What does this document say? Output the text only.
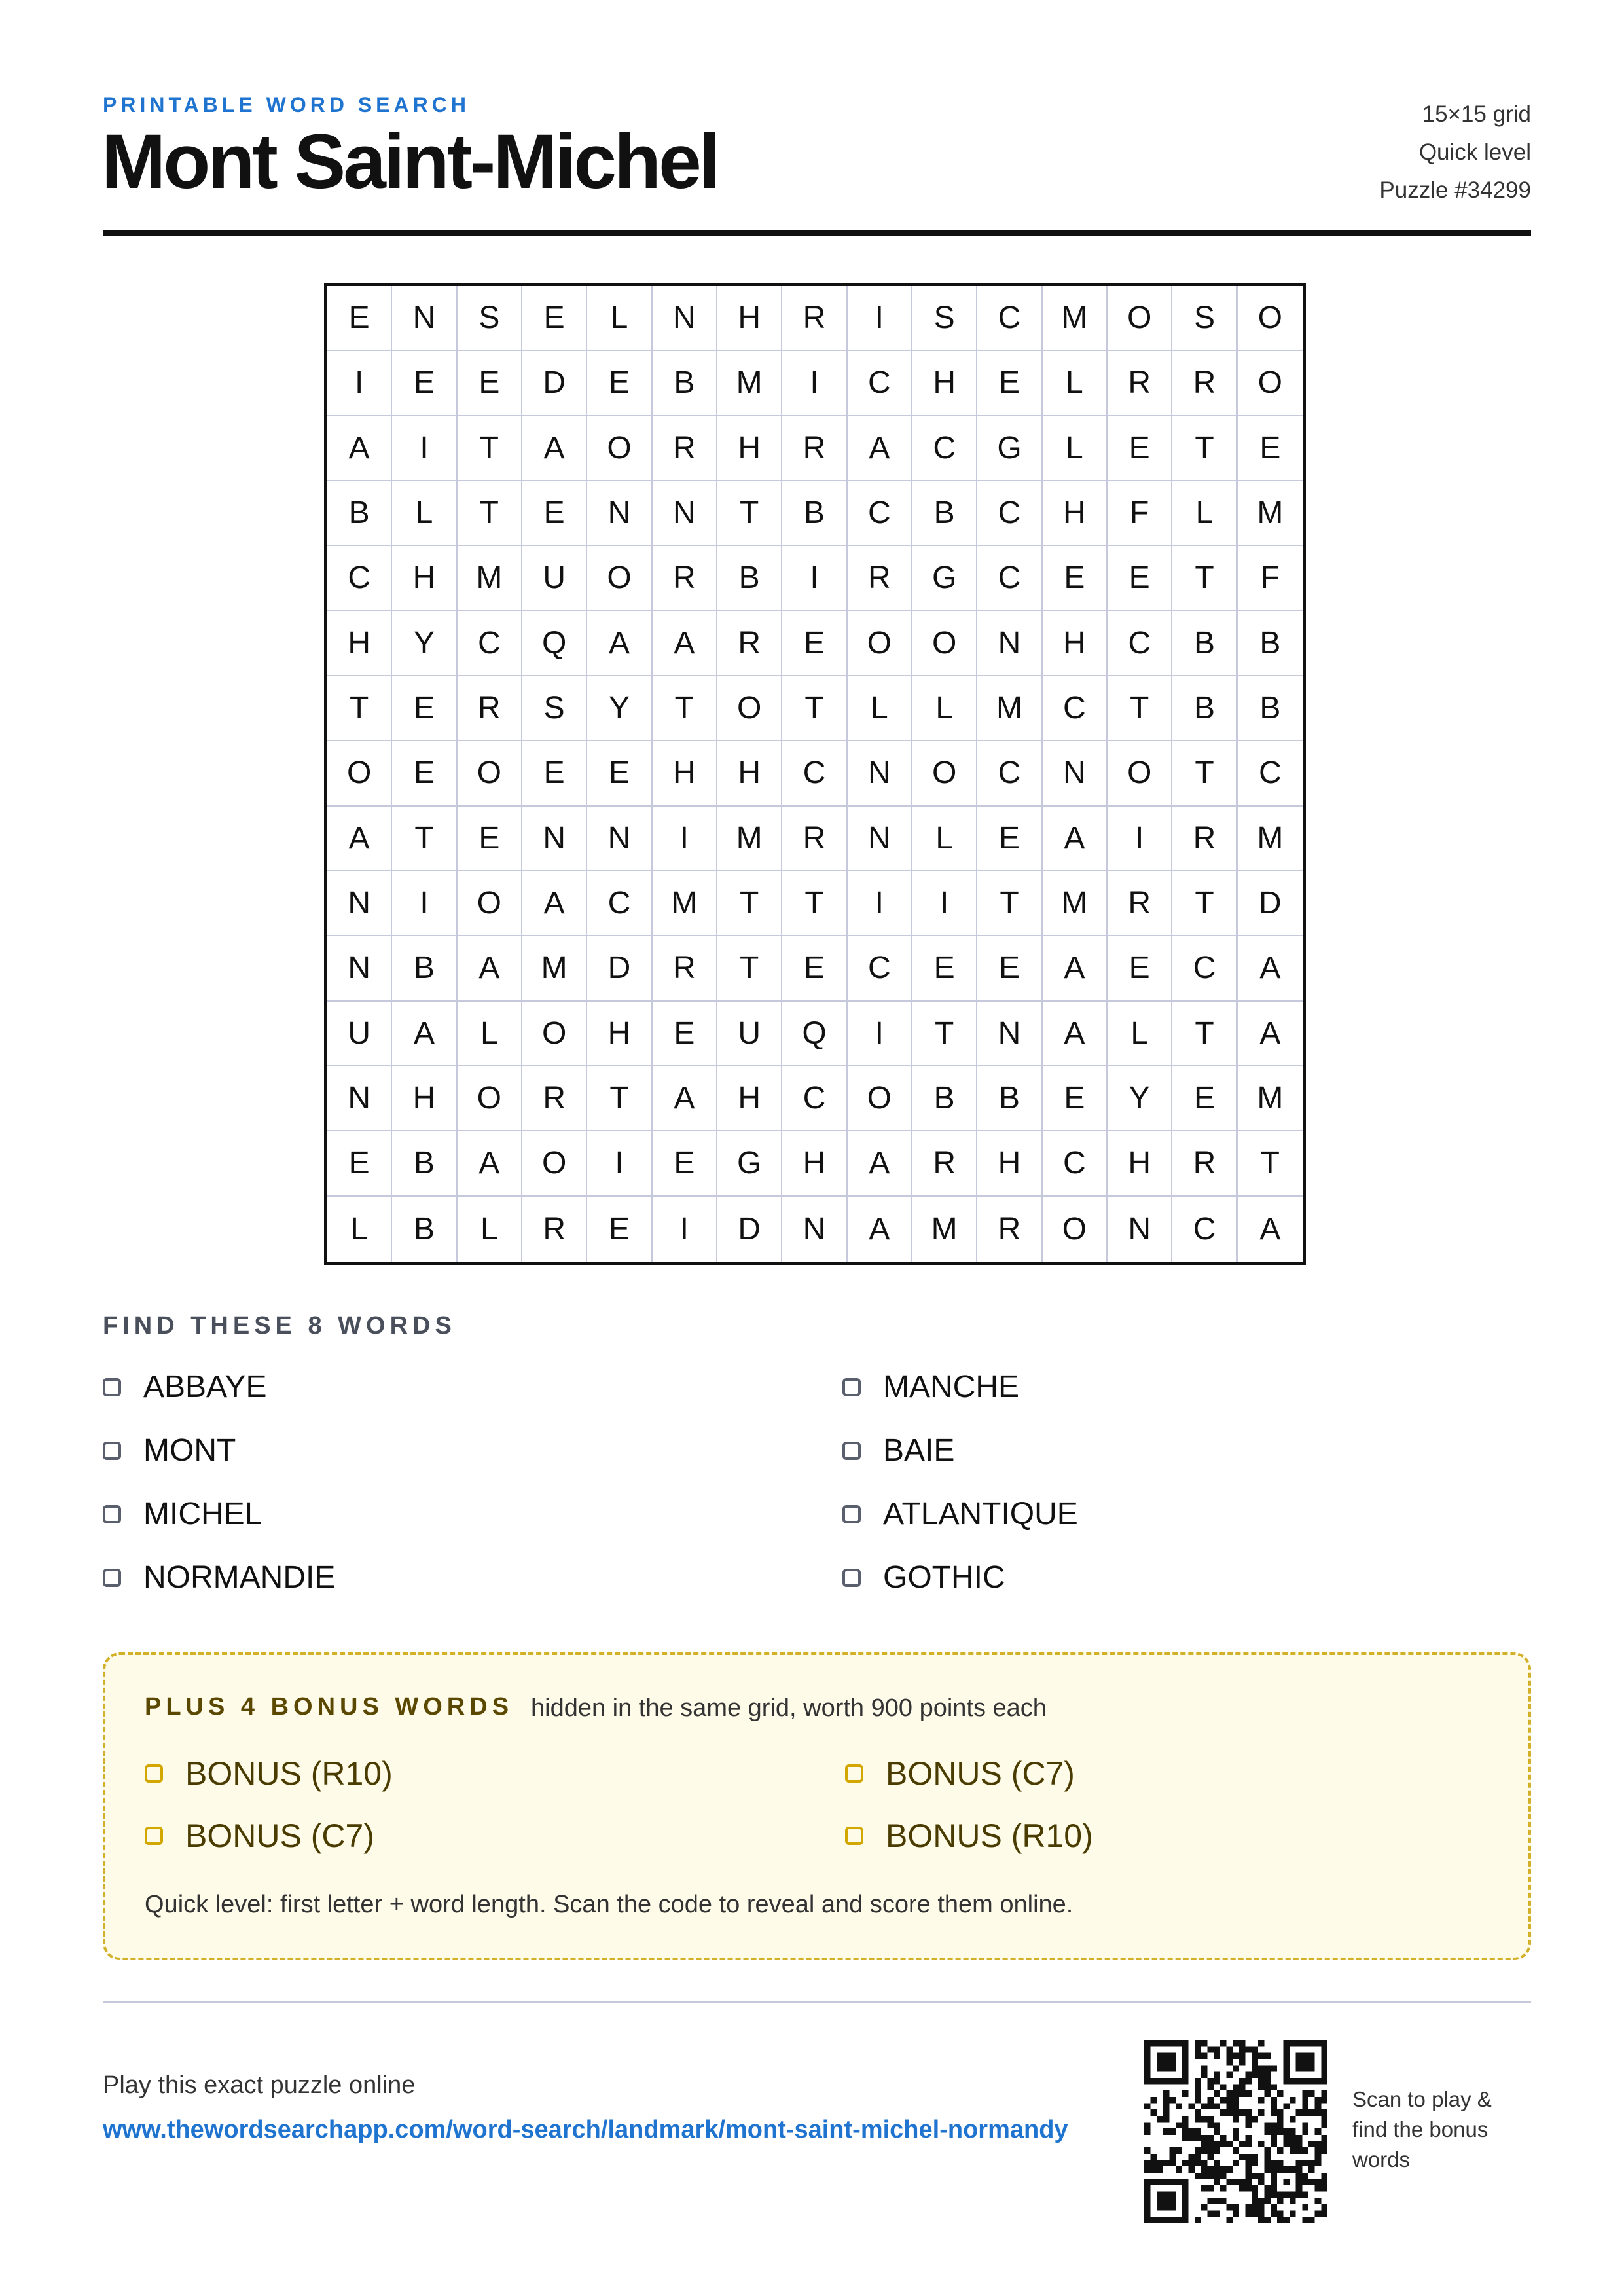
PRINTABLE WORD SEARCH
Mont Saint-Michel
15×15 grid
Quick level
Puzzle #34299
E	N	S	E	L	N	H	R	I	S	C	M	O	S	O
I	E	E	D	E	B	M	I	C	H	E	L	R	R	O
A	I	T	A	O	R	H	R	A	C	G	L	E	T	E
B	L	T	E	N	N	T	B	C	B	C	H	F	L	M
C	H	M	U	O	R	B	I	R	G	C	E	E	T	F
H	Y	C	Q	A	A	R	E	O	O	N	H	C	B	B
T	E	R	S	Y	T	O	T	L	L	M	C	T	B	B
O	E	O	E	E	H	H	C	N	O	C	N	O	T	C
A	T	E	N	N	I	M	R	N	L	E	A	I	R	M
N	I	O	A	C	M	T	T	I	I	T	M	R	T	D
N	B	A	M	D	R	T	E	C	E	E	A	E	C	A
U	A	L	O	H	E	U	Q	I	T	N	A	L	T	A
N	H	O	R	T	A	H	C	O	B	B	E	Y	E	M
E	B	A	O	I	E	G	H	A	R	H	C	H	R	T
L	B	L	R	E	I	D	N	A	M	R	O	N	C	A
FIND THESE 8 WORDS
ABBAYE	MANCHE
MONT	BAIE
MICHEL	ATLANTIQUE
NORMANDIE	GOTHIC
PLUS 4 BONUS WORDS hidden in the same grid, worth 900 points each
BONUS (R10)	BONUS (C7)
BONUS (C7)	BONUS (R10)
Quick level: first letter + word length. Scan the code to reveal and score them online.
Play this exact puzzle online
www.thewordsearchapp.com/word-search/landmark/mont-saint-michel-normandy
Scan to play & find the bonus words
